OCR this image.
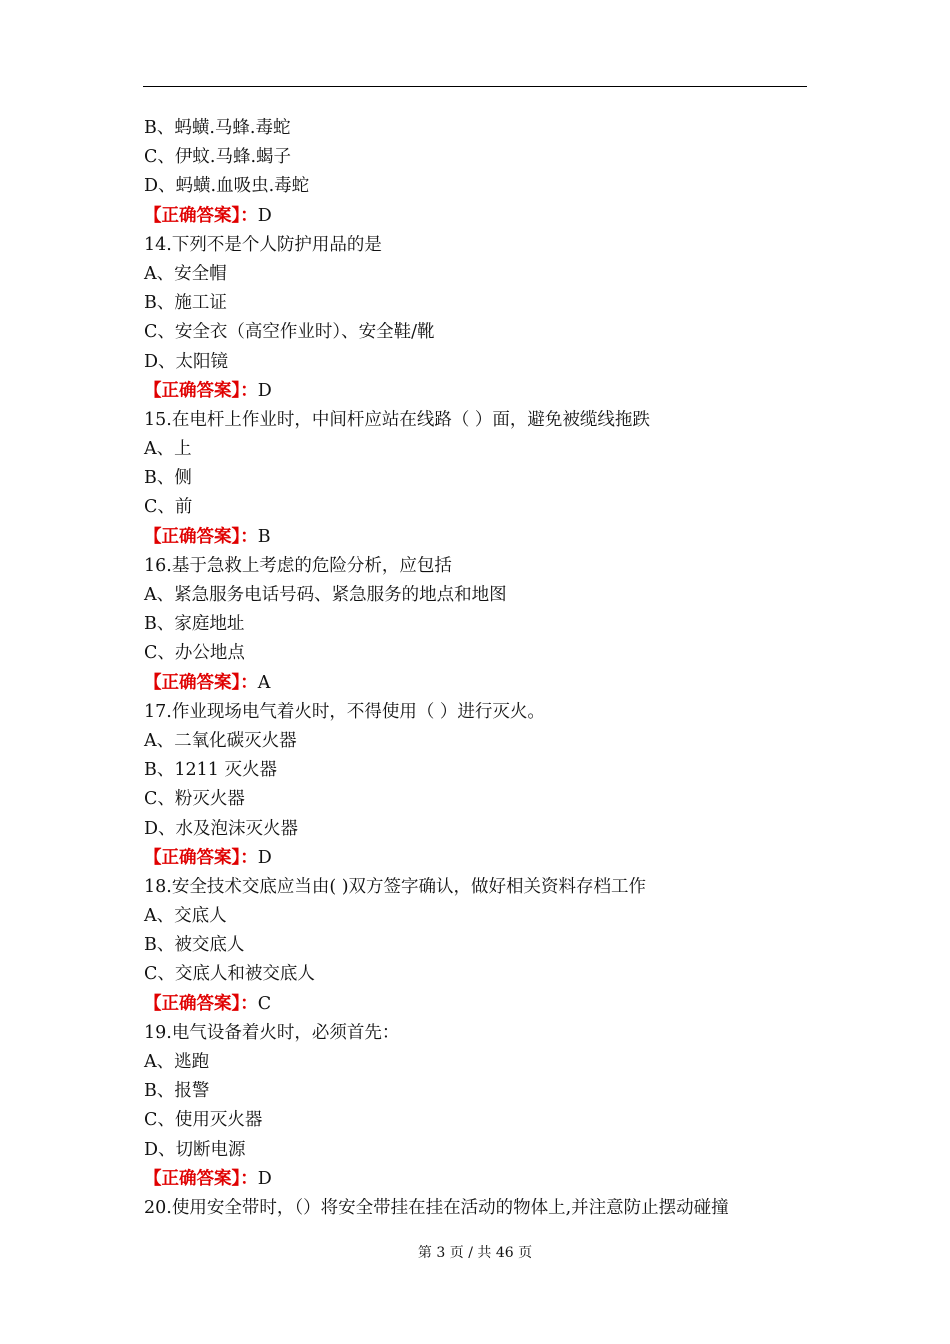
B、蚂蟥.马蜂.毒蛇
C、伊蚊.马蜂.蝎子
D、蚂蟥.血吸虫.毒蛇
【正确答案】：D
14.下列不是个人防护用品的是
A、安全帽
B、施工证
C、安全衣（高空作业时）、安全鞋/靴
D、太阳镜
【正确答案】：D
15.在电杆上作业时，中间杆应站在线路（ ）面，避免被缆线拖跌
A、上
B、侧
C、前
【正确答案】：B
16.基于急救上考虑的危险分析，应包括
A、紧急服务电话号码、紧急服务的地点和地图
B、家庭地址
C、办公地点
【正确答案】：A
17.作业现场电气着火时，不得使用（ ）进行灭火。
A、二氧化碳灭火器
B、1211 灭火器
C、粉灭火器
D、水及泡沫灭火器
【正确答案】：D
18.安全技术交底应当由( )双方签字确认，做好相关资料存档工作
A、交底人
B、被交底人
C、交底人和被交底人
【正确答案】：C
19.电气设备着火时，必须首先：
A、逃跑
B、报警
C、使用灭火器
D、切断电源
【正确答案】：D
20.使用安全带时，（）将安全带挂在挂在活动的物体上,并注意防止摆动碰撞
第 3 页 / 共 46 页
